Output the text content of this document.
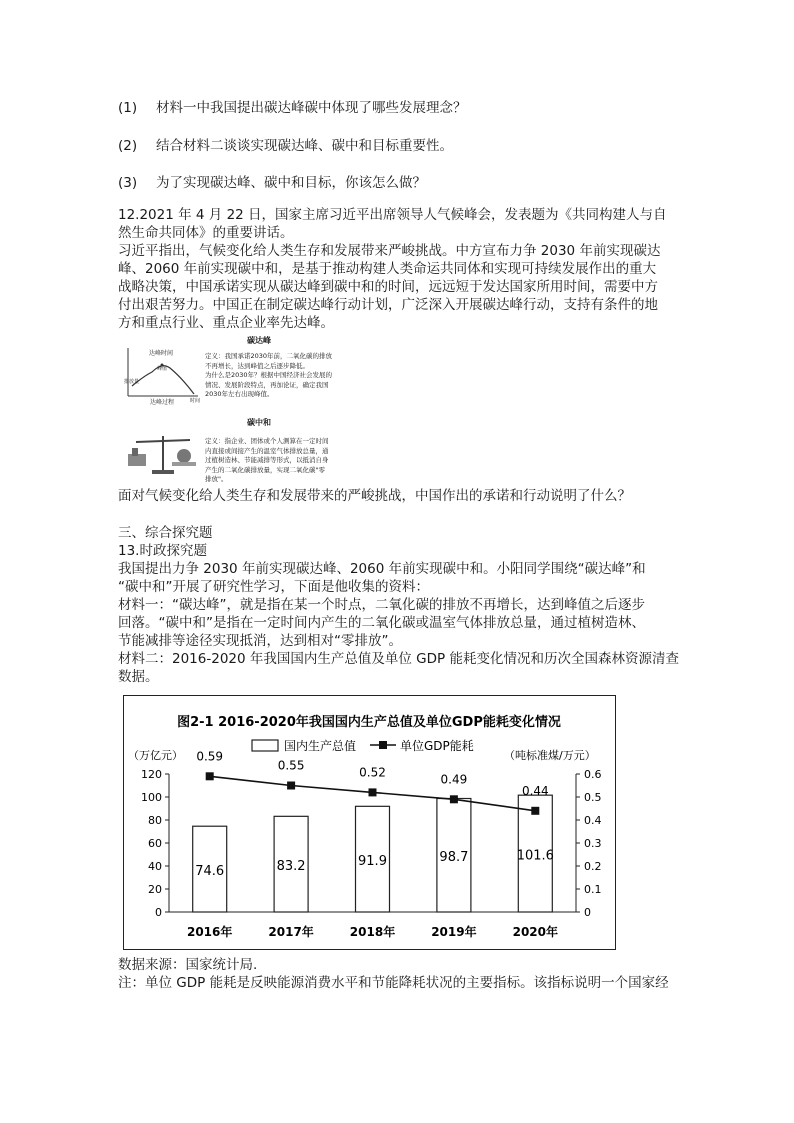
(1) 材料一中我国提出碳达峰碳中体现了哪些发展理念？
(2) 结合材料二谈谈实现碳达峰、碳中和目标重要性。
(3) 为了实现碳达峰、碳中和目标，你该怎么做？
12.2021 年 4 月 22 日，国家主席习近平出席领导人气候峰会，发表题为《共同构建人与自
然生命共同体》的重要讲话。
习近平指出，气候变化给人类生存和发展带来严峻挑战。中方宣布力争 2030 年前实现碳达
峰、2060 年前实现碳中和，是基于推动构建人类命运共同体和实现可持续发展作出的重大
战略决策，中国承诺实现从碳达峰到碳中和的时间，远远短于发达国家所用时间，需要中方
付出艰苦努力。中国正在制定碳达峰行动计划，广泛深入开展碳达峰行动，支持有条件的地
方和重点行业、重点企业率先达峰。
碳达峰
达峰时间
峰值
排放量
时间
达峰过程
定义：我国承诺2030年前，二氧化碳的排放
不再增长，达到峰值之后逐步降低。
为什么是2030年？根据中国经济社会发展的
情况、发展阶段特点，再加论证，确定我国
2030年左右出现峰值。
碳中和
定义：指企业、团体或个人测算在一定时间
内直接或间接产生的温室气体排放总量，通
过植树造林、节能减排等形式，以抵消自身
产生的二氧化碳排放量，实现二氧化碳"零
排放"。
面对气候变化给人类生存和发展带来的严峻挑战，中国作出的承诺和行动说明了什么？
三、综合探究题
13.时政探究题
我国提出力争 2030 年前实现碳达峰、2060 年前实现碳中和。小阳同学围绕“碳达峰”和
“碳中和”开展了研究性学习，下面是他收集的资料：
材料一：“碳达峰”，就是指在某一个时点，二氧化碳的排放不再增长，达到峰值之后逐步
回落。“碳中和”是指在一定时间内产生的二氧化碳或温室气体排放总量，通过植树造林、
节能减排等途径实现抵消，达到相对“零排放”。
材料二：2016-2020 年我国国内生产总值及单位 GDP 能耗变化情况和历次全国森林资源清查
数据。
图2-1 2016-2020年我国国内生产总值及单位GDP能耗变化情况
国内生产总值	单位GDP能耗
（万亿元）	（吨标准煤/万元）
0
20
40
60
80
100
120
0
0.1
0.2
0.3
0.4
0.5
0.6
74.6
2016年
83.2
2017年
91.9
2018年
98.7
2019年
101.6
2020年
0.59
0.55	0.52	0.49
0.44
数据来源：国家统计局.
注：单位 GDP 能耗是反映能源消费水平和节能降耗状况的主要指标。该指标说明一个国家经
